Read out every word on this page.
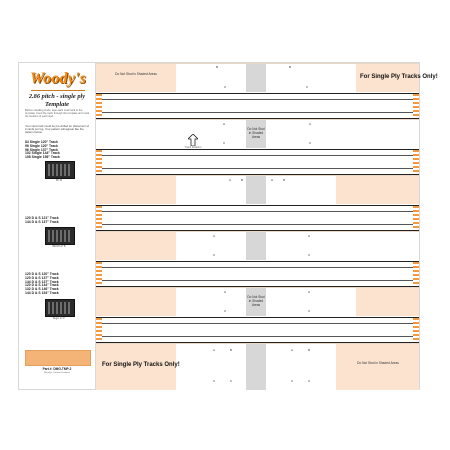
Woody's
2.86 pitch - single ply
Template
Before installing studs, tape each stud track to the template. Feed the track through the template and mark the location of each stud.
Your stud track could be pre-drilled for placement of 2 studs per lug. Your pattern will appear like the pattern below.
84 Single 120" Track
96 Single 120" Track
96 Single 137" Track
102 Single 144" Track
108 Single 156" Track
BC M
120 D & S 121" Track
144 D & S 137" Track
BEGIN AT B
120 D & S 120" Track
120 D & S 137" Track
144 D & S 137" Track
120 D & S 144" Track
132 D & S 146" Track
144 D & S 154" Track
Begin at 'C'
Part #: DMG-TMP-2
Woody's Traction Products
Do Not Stud in Shaded Areas	For Single Ply Tracks Only!
B	B
C	C
Do Not Stud in Shaded Areas
A	A
C	C
A	B	A	B
A	A
C	C
Do Not Stud in Shaded Areas
A	A
C	C
For Single Ply Tracks Only!	Do Not Stud in Shaded Areas
A	B	A	B
C	C	C	C
Track Rotation
